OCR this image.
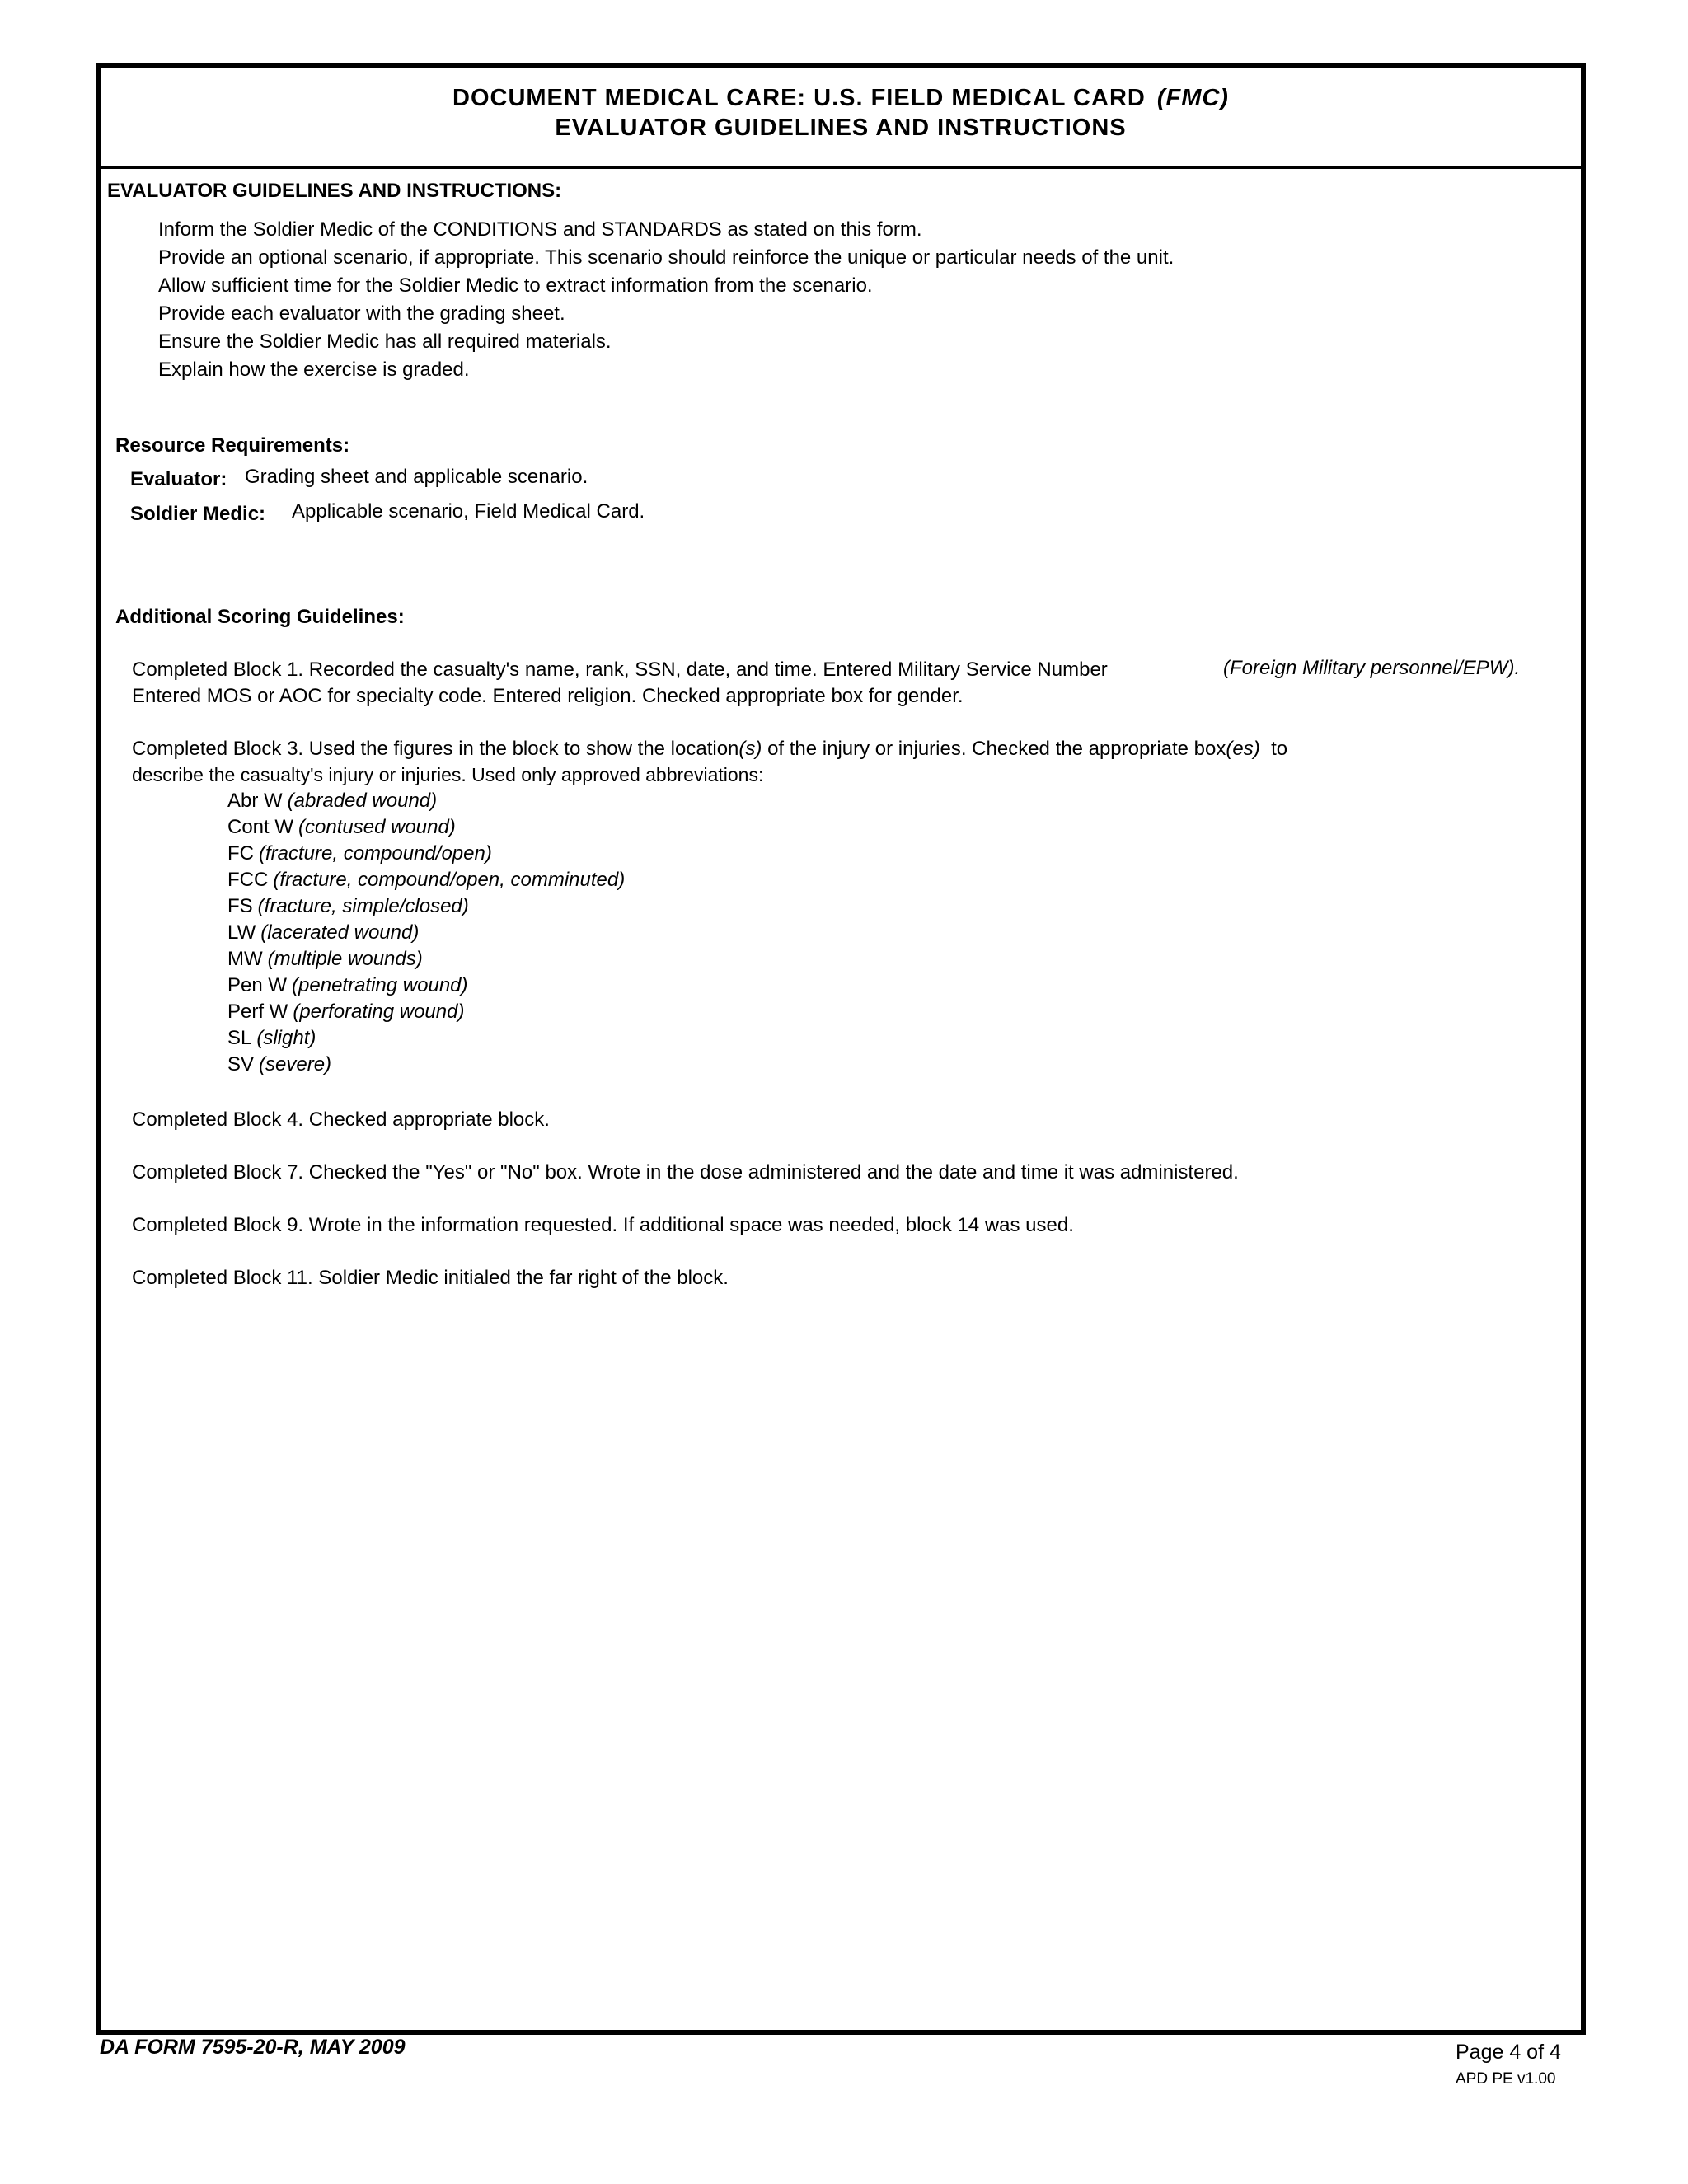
DOCUMENT MEDICAL CARE: U.S. FIELD MEDICAL CARD (FMC)
EVALUATOR GUIDELINES AND INSTRUCTIONS
EVALUATOR GUIDELINES AND INSTRUCTIONS:
Inform the Soldier Medic of the CONDITIONS and STANDARDS as stated on this form.
Provide an optional scenario, if appropriate. This scenario should reinforce the unique or particular needs of the unit.
Allow sufficient time for the Soldier Medic to extract information from the scenario.
Provide each evaluator with the grading sheet.
Ensure the Soldier Medic has all required materials.
Explain how the exercise is graded.
Resource Requirements:
Evaluator: Grading sheet and applicable scenario.
Soldier Medic: Applicable scenario, Field Medical Card.
Additional Scoring Guidelines:
Completed Block 1. Recorded the casualty's name, rank, SSN, date, and time. Entered Military Service Number	(Foreign Military personnel/EPW).
Entered MOS or AOC for specialty code. Entered religion. Checked appropriate box for gender.
Completed Block 3. Used the figures in the block to show the location(s) of the injury or injuries. Checked the appropriate box(es) to
describe the casualty's injury or injuries. Used only approved abbreviations:
Abr W (abraded wound)
Cont W (contused wound)
FC (fracture, compound/open)
FCC (fracture, compound/open, comminuted)
FS (fracture, simple/closed)
LW (lacerated wound)
MW (multiple wounds)
Pen W (penetrating wound)
Perf W (perforating wound)
SL (slight)
SV (severe)
Completed Block 4. Checked appropriate block.
Completed Block 7. Checked the "Yes" or "No" box. Wrote in the dose administered and the date and time it was administered.
Completed Block 9. Wrote in the information requested. If additional space was needed, block 14 was used.
Completed Block 11. Soldier Medic initialed the far right of the block.
DA FORM 7595-20-R, MAY 2009	Page 4 of 4
APD PE v1.00
